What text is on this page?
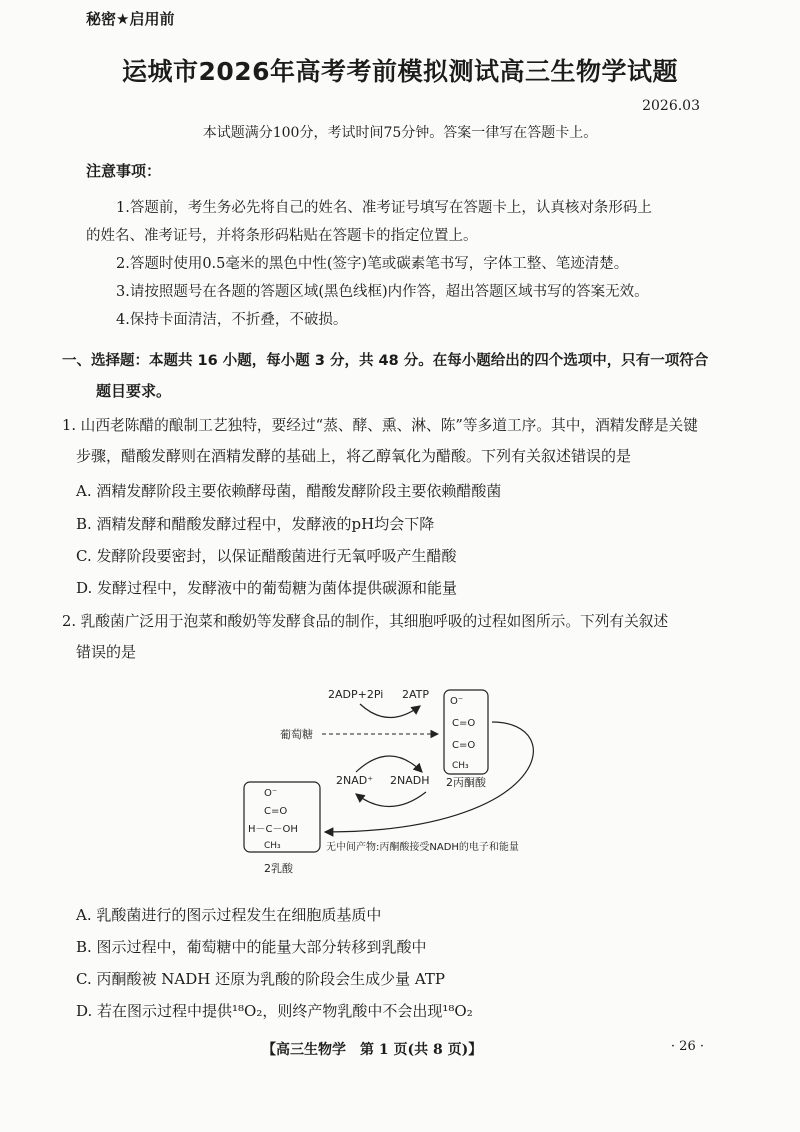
秘密★启用前
运城市2026年高考考前模拟测试高三生物学试题
2026.03
本试题满分100分，考试时间75分钟。答案一律写在答题卡上。
注意事项：
1.答题前，考生务必先将自己的姓名、准考证号填写在答题卡上，认真核对条形码上
的姓名、准考证号，并将条形码粘贴在答题卡的指定位置上。
2.答题时使用0.5毫米的黑色中性(签字)笔或碳素笔书写，字体工整、笔迹清楚。
3.请按照题号在各题的答题区域(黑色线框)内作答，超出答题区域书写的答案无效。
4.保持卡面清洁，不折叠，不破损。
一、选择题：本题共 16 小题，每小题 3 分，共 48 分。在每小题给出的四个选项中，只有一项符合
题目要求。
1. 山西老陈醋的酿制工艺独特，要经过“蒸、酵、熏、淋、陈”等多道工序。其中，酒精发酵是关键
步骤，醋酸发酵则在酒精发酵的基础上，将乙醇氧化为醋酸。下列有关叙述错误的是
A. 酒精发酵阶段主要依赖酵母菌，醋酸发酵阶段主要依赖醋酸菌
B. 酒精发酵和醋酸发酵过程中，发酵液的pH均会下降
C. 发酵阶段要密封，以保证醋酸菌进行无氧呼吸产生醋酸
D. 发酵过程中，发酵液中的葡萄糖为菌体提供碳源和能量
2. 乳酸菌广泛用于泡菜和酸奶等发酵食品的制作，其细胞呼吸的过程如图所示。下列有关叙述
错误的是
2ADP+2Pi 2ATP
葡萄糖
2NAD⁺ 2NADH
O⁻
C=O
C=O
CH₃
2丙酮酸
O⁻
C=O
H－C－OH
CH₃
2乳酸
无中间产物:丙酮酸接受NADH的电子和能量
A. 乳酸菌进行的图示过程发生在细胞质基质中
B. 图示过程中，葡萄糖中的能量大部分转移到乳酸中
C. 丙酮酸被 NADH 还原为乳酸的阶段会生成少量 ATP
D. 若在图示过程中提供¹⁸O₂，则终产物乳酸中不会出现¹⁸O₂
【高三生物学　第 1 页(共 8 页)】	· 26 ·
